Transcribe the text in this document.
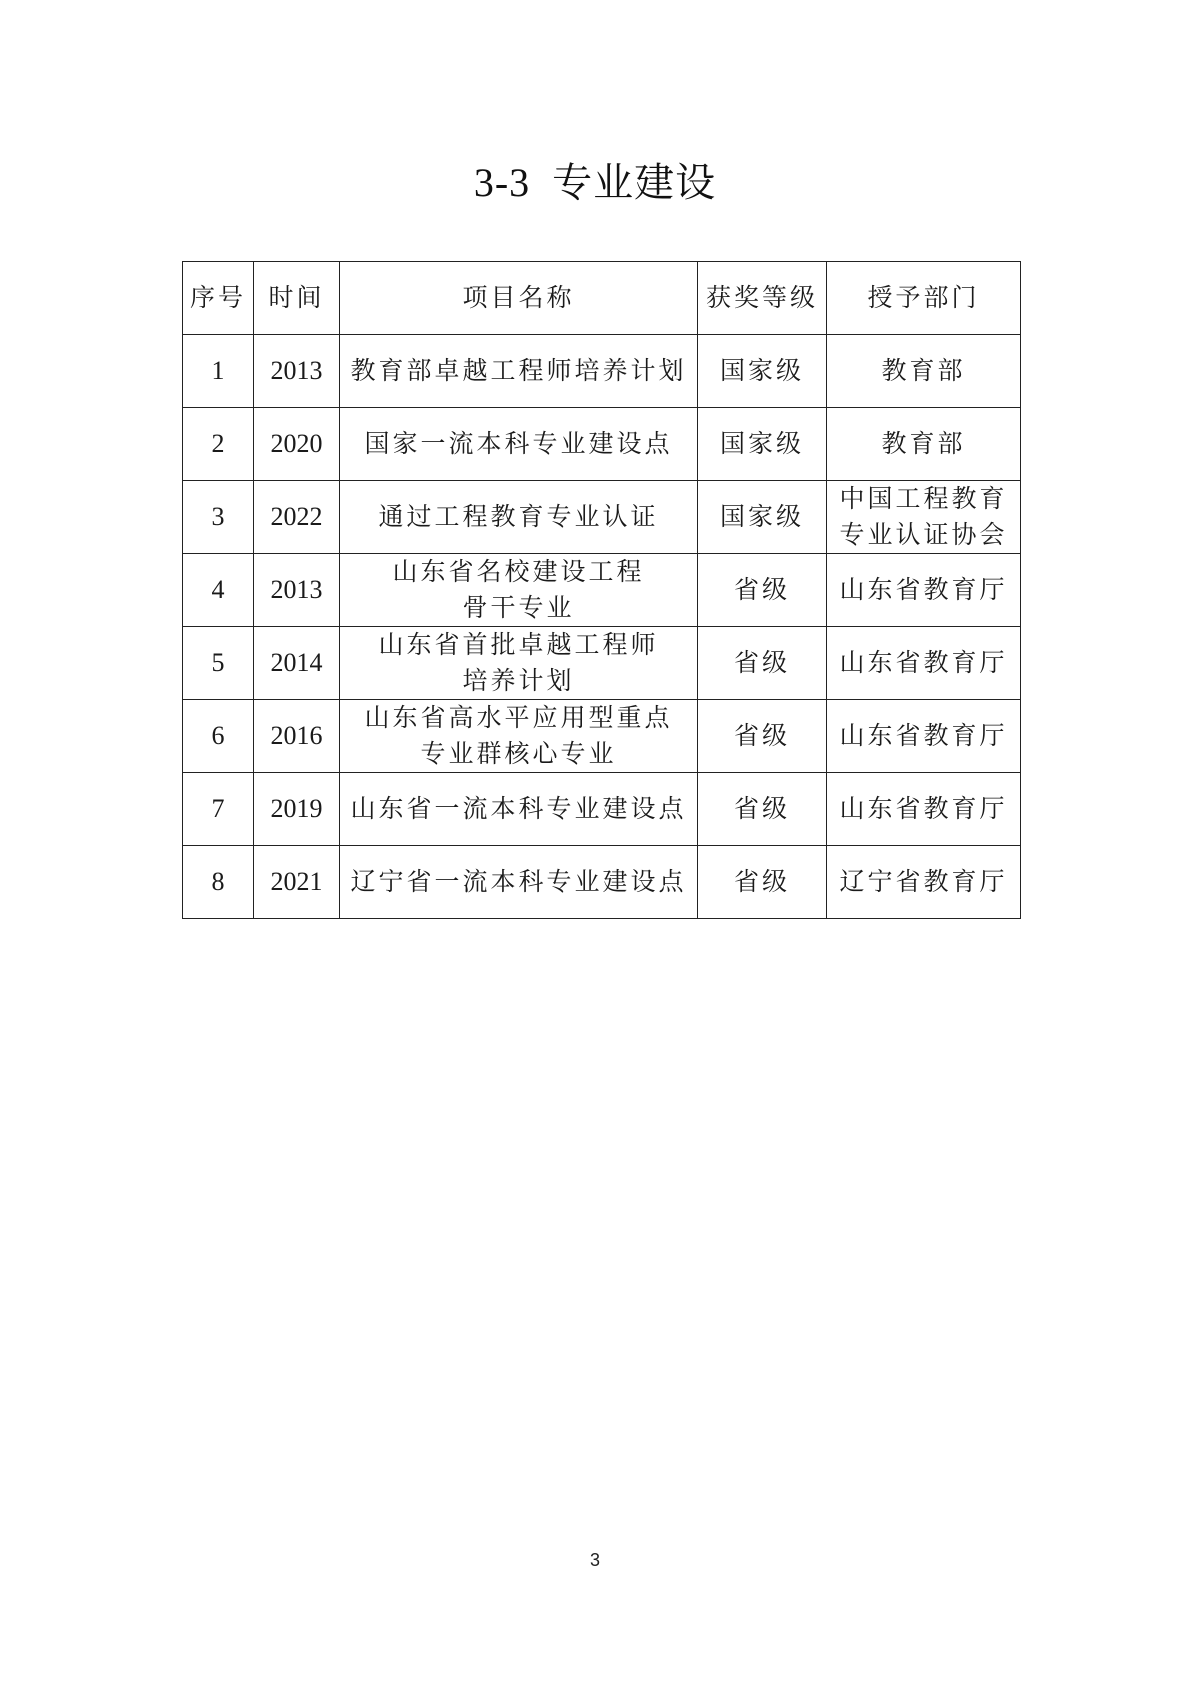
3-3 专业建设
序号	时间	项目名称	获奖等级	授予部门
1	2013	教育部卓越工程师培养计划	国家级	教育部

2	2020	国家一流本科专业建设点	国家级	教育部

3	2022	通过工程教育专业认证	国家级	中国工程教育
专业认证协会

4	2013	山东省名校建设工程
骨干专业	省级	山东省教育厅

5	2014	山东省首批卓越工程师
培养计划	省级	山东省教育厅

6	2016	山东省高水平应用型重点
专业群核心专业	省级	山东省教育厅

7	2019	山东省一流本科专业建设点	省级	山东省教育厅

8	2021	辽宁省一流本科专业建设点	省级	辽宁省教育厅
3
